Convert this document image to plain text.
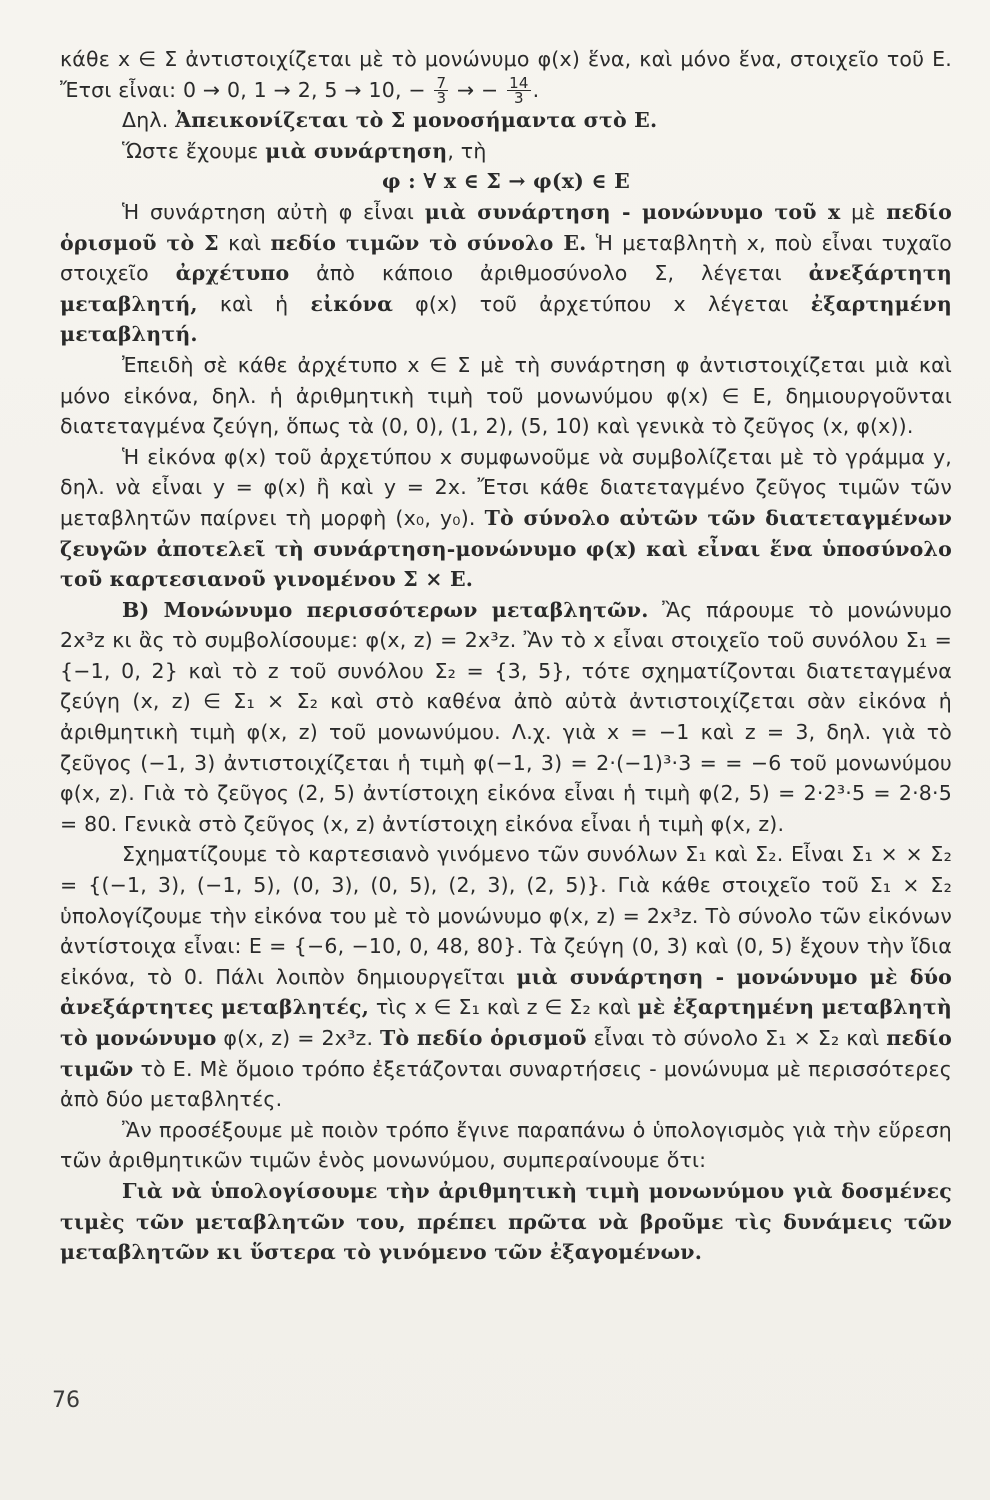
κάθε x ∈ Σ ἀντιστοιχίζεται μὲ τὸ μονώνυμο φ(x) ἕνα, καὶ μόνο ἕνα, στοιχεῖο τοῦ Ε. Ἔτσι εἶναι: 0 → 0, 1 → 2, 5 → 10, − $\frac{7}{3}$ → − $\frac{14}{3}$ .

Δηλ. Ἀπεικονίζεται τὸ Σ μονοσήμαντα στὸ Ε.

Ὥστε ἔχουμε μιὰ συνάρτηση, τὴ

φ : ∀ x ∈ Σ → φ(x) ∈ Ε

Ἡ συνάρτηση αὐτὴ φ εἶναι μιὰ συνάρτηση - μονώνυμο τοῦ x μὲ πεδίο ὁρισμοῦ τὸ Σ καὶ πεδίο τιμῶν τὸ σύνολο Ε. Ἡ μεταβλητὴ x, ποὺ εἶναι τυχαῖο στοιχεῖο ἀρχέτυπο ἀπὸ κάποιο ἀριθμοσύνολο Σ, λέγεται ἀνεξάρτητη μεταβλητή, καὶ ἡ εἰκόνα φ(x) τοῦ ἀρχετύπου x λέγεται ἐξαρτημένη μεταβλητή.

Ἐπειδὴ σὲ κάθε ἀρχέτυπο x ∈ Σ μὲ τὴ συνάρτηση φ ἀντιστοιχίζεται μιὰ καὶ μόνο εἰκόνα, δηλ. ἡ ἀριθμητικὴ τιμὴ τοῦ μονωνύμου φ(x) ∈ Ε, δημιουργοῦνται διατεταγμένα ζεύγη, ὅπως τὰ (0, 0), (1, 2), (5, 10) καὶ γενικὰ τὸ ζεῦγος (x, φ(x)).

Ἡ εἰκόνα φ(x) τοῦ ἀρχετύπου x συμφωνοῦμε νὰ συμβολίζεται μὲ τὸ γράμμα y, δηλ. νὰ εἶναι y = φ(x) ἢ καὶ y = 2x. Ἔτσι κάθε διατεταγμένο ζεῦγος τιμῶν τῶν μεταβλητῶν παίρνει τὴ μορφὴ (x₀, y₀). Τὸ σύνολο αὐτῶν τῶν διατεταγμένων ζευγῶν ἀποτελεῖ τὴ συνάρτηση-μονώνυμο φ(x) καὶ εἶναι ἕνα ὑποσύνολο τοῦ καρτεσιανοῦ γινομένου Σ × Ε.

Β) Μονώνυμο περισσότερων μεταβλητῶν. Ἂς πάρουμε τὸ μονώνυμο 2x³z κι ἂς τὸ συμβολίσουμε: φ(x, z) = 2x³z. Ἂν τὸ x εἶναι στοιχεῖο τοῦ συνόλου Σ₁ = {−1, 0, 2} καὶ τὸ z τοῦ συνόλου Σ₂ = {3, 5}, τότε σχηματίζονται διατεταγμένα ζεύγη (x, z) ∈ Σ₁ × Σ₂ καὶ στὸ καθένα ἀπὸ αὐτὰ ἀντιστοιχίζεται σὰν εἰκόνα ἡ ἀριθμητικὴ τιμὴ φ(x, z) τοῦ μονωνύμου. Λ.χ. γιὰ x = −1 καὶ z = 3, δηλ. γιὰ τὸ ζεῦγος (−1, 3) ἀντιστοιχίζεται ἡ τιμὴ φ(−1, 3) = 2·(−1)³·3 = = −6 τοῦ μονωνύμου φ(x, z). Γιὰ τὸ ζεῦγος (2, 5) ἀντίστοιχη εἰκόνα εἶναι ἡ τιμὴ φ(2, 5) = 2·2³·5 = 2·8·5 = 80. Γενικὰ στὸ ζεῦγος (x, z) ἀντίστοιχη εἰκόνα εἶναι ἡ τιμὴ φ(x, z).

Σχηματίζουμε τὸ καρτεσιανὸ γινόμενο τῶν συνόλων Σ₁ καὶ Σ₂. Εἶναι Σ₁ × × Σ₂ = {(−1, 3), (−1, 5), (0, 3), (0, 5), (2, 3), (2, 5)}. Γιὰ κάθε στοιχεῖο τοῦ Σ₁ × Σ₂ ὑπολογίζουμε τὴν εἰκόνα του μὲ τὸ μονώνυμο φ(x, z) = 2x³z. Τὸ σύνολο τῶν εἰκόνων ἀντίστοιχα εἶναι: Ε = {−6, −10, 0, 48, 80}. Τὰ ζεύγη (0, 3) καὶ (0, 5) ἔχουν τὴν ἴδια εἰκόνα, τὸ 0. Πάλι λοιπὸν δημιουργεῖται μιὰ συνάρτηση - μονώνυμο μὲ δύο ἀνεξάρτητες μεταβλητές, τὶς x ∈ Σ₁ καὶ z ∈ Σ₂ καὶ μὲ ἐξαρτημένη μεταβλητὴ τὸ μονώνυμο φ(x, z) = 2x³z. Τὸ πεδίο ὁρισμοῦ εἶναι τὸ σύνολο Σ₁ × Σ₂ καὶ πεδίο τιμῶν τὸ Ε. Μὲ ὅμοιο τρόπο ἐξετάζονται συναρτήσεις - μονώνυμα μὲ περισσότερες ἀπὸ δύο μεταβλητές.

Ἂν προσέξουμε μὲ ποιὸν τρόπο ἔγινε παραπάνω ὁ ὑπολογισμὸς γιὰ τὴν εὕρεση τῶν ἀριθμητικῶν τιμῶν ἑνὸς μονωνύμου, συμπεραίνουμε ὅτι:

Γιὰ νὰ ὑπολογίσουμε τὴν ἀριθμητικὴ τιμὴ μονωνύμου γιὰ δοσμένες τιμὲς τῶν μεταβλητῶν του, πρέπει πρῶτα νὰ βροῦμε τὶς δυνάμεις τῶν μεταβλητῶν κι ὕστερα τὸ γινόμενο τῶν ἐξαγομένων.

76
